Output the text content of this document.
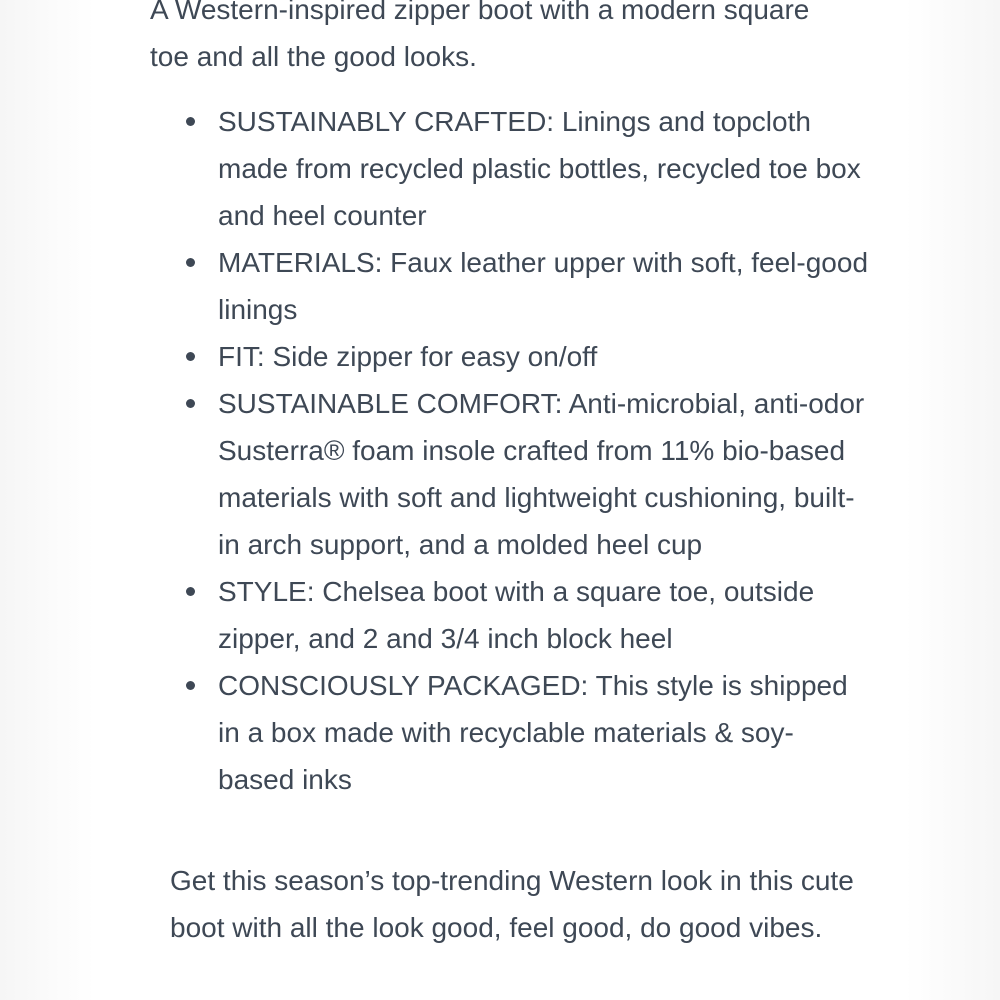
A Western-inspired zipper boot with a modern square toe and all the good looks.

SUSTAINABLY CRAFTED: Linings and topcloth made from recycled plastic bottles, recycled toe box and heel counter
MATERIALS: Faux leather upper with soft, feel-good linings
FIT: Side zipper for easy on/off
SUSTAINABLE COMFORT: Anti-microbial, anti-odor Susterra® foam insole crafted from 11% bio-based materials with soft and lightweight cushioning, built-in arch support, and a molded heel cup
STYLE: Chelsea boot with a square toe, outside zipper, and 2 and 3/4 inch block heel
CONSCIOUSLY PACKAGED: This style is shipped in a box made with recyclable materials & soy-based inks

Get this season’s top-trending Western look in this cute boot with all the look good, feel good, do good vibes.
